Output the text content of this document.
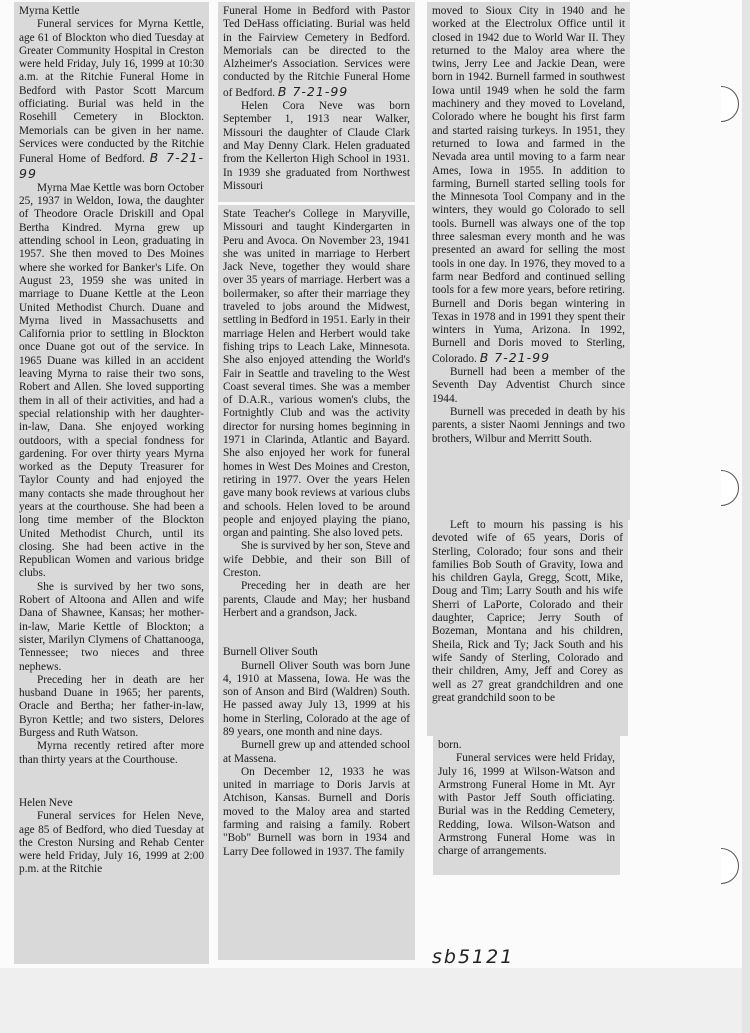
Myrna Kettle

Funeral services for Myrna Kettle, age 61 of Blockton who died Tuesday at Greater Community Hospital in Creston were held Friday, July 16, 1999 at 10:30 a.m. at the Ritchie Funeral Home in Bedford with Pastor Scott Marcum officiating. Burial was held in the Rosehill Cemetery in Blockton. Memorials can be given in her name. Services were conducted by the Ritchie Funeral Home of Bedford. B 7-21-99

Myrna Mae Kettle was born October 25, 1937 in Weldon, Iowa, the daughter of Theodore Oracle Driskill and Opal Bertha Kindred. Myrna grew up attending school in Leon, graduating in 1957. She then moved to Des Moines where she worked for Banker's Life. On August 23, 1959 she was united in marriage to Duane Kettle at the Leon United Methodist Church. Duane and Myrna lived in Massachusetts and California prior to settling in Blockton once Duane got out of the service. In 1965 Duane was killed in an accident leaving Myrna to raise their two sons, Robert and Allen. She loved supporting them in all of their activities, and had a special relationship with her daughter-in-law, Dana. She enjoyed working outdoors, with a special fondness for gardening. For over thirty years Myrna worked as the Deputy Treasurer for Taylor County and had enjoyed the many contacts she made throughout her years at the courthouse. She had been a long time member of the Blockton United Methodist Church, until its closing. She had been active in the Republican Women and various bridge clubs.

She is survived by her two sons, Robert of Altoona and Allen and wife Dana of Shawnee, Kansas; her mother-in-law, Marie Kettle of Blockton; a sister, Marilyn Clymens of Chattanooga, Tennessee; two nieces and three nephews.

Preceding her in death are her husband Duane in 1965; her parents, Oracle and Bertha; her father-in-law, Byron Kettle; and two sisters, Delores Burgess and Ruth Watson.

Myrna recently retired after more than thirty years at the Courthouse.

Helen Neve

Funeral services for Helen Neve, age 85 of Bedford, who died Tuesday at the Creston Nursing and Rehab Center were held Friday, July 16, 1999 at 2:00 p.m. at the Ritchie

Funeral Home in Bedford with Pastor Ted DeHass officiating. Burial was held in the Fairview Cemetery in Bedford. Memorials can be directed to the Alzheimer's Association. Services were conducted by the Ritchie Funeral Home of Bedford. B 7-21-99

Helen Cora Neve was born September 1, 1913 near Walker, Missouri the daughter of Claude Clark and May Denny Clark. Helen graduated from the Kellerton High School in 1931. In 1939 she graduated from Northwest Missouri

State Teacher's College in Maryville, Missouri and taught Kindergarten in Peru and Avoca. On November 23, 1941 she was united in marriage to Herbert Jack Neve, together they would share over 35 years of marriage. Herbert was a boilermaker, so after their marriage they traveled to jobs around the Midwest, settling in Bedford in 1951. Early in their marriage Helen and Herbert would take fishing trips to Leach Lake, Minnesota. She also enjoyed attending the World's Fair in Seattle and traveling to the West Coast several times. She was a member of D.A.R., various women's clubs, the Fortnightly Club and was the activity director for nursing homes beginning in 1971 in Clarinda, Atlantic and Bayard. She also enjoyed her work for funeral homes in West Des Moines and Creston, retiring in 1977. Over the years Helen gave many book reviews at various clubs and schools. Helen loved to be around people and enjoyed playing the piano, organ and painting. She also loved pets.

She is survived by her son, Steve and wife Debbie, and their son Bill of Creston.

Preceding her in death are her parents, Claude and May; her husband Herbert and a grandson, Jack.

Burnell Oliver South

Burnell Oliver South was born June 4, 1910 at Massena, Iowa. He was the son of Anson and Bird (Waldren) South. He passed away July 13, 1999 at his home in Sterling, Colorado at the age of 89 years, one month and nine days.

Burnell grew up and attended school at Massena.

On December 12, 1933 he was united in marriage to Doris Jarvis at Atchison, Kansas. Burnell and Doris moved to the Maloy area and started farming and raising a family. Robert "Bob" Burnell was born in 1934 and Larry Dee followed in 1937. The family

moved to Sioux City in 1940 and he worked at the Electrolux Office until it closed in 1942 due to World War II. They returned to the Maloy area where the twins, Jerry Lee and Jackie Dean, were born in 1942. Burnell farmed in southwest Iowa until 1949 when he sold the farm machinery and they moved to Loveland, Colorado where he bought his first farm and started raising turkeys. In 1951, they returned to Iowa and farmed in the Nevada area until moving to a farm near Ames, Iowa in 1955. In addition to farming, Burnell started selling tools for the Minnesota Tool Company and in the winters, they would go Colorado to sell tools. Burnell was always one of the top three salesman every month and he was presented an award for selling the most tools in one day. In 1976, they moved to a farm near Bedford and continued selling tools for a few more years, before retiring. Burnell and Doris began wintering in Texas in 1978 and in 1991 they spent their winters in Yuma, Arizona. In 1992, Burnell and Doris moved to Sterling, Colorado. B 7-21-99

Burnell had been a member of the Seventh Day Adventist Church since 1944.

Burnell was preceded in death by his parents, a sister Naomi Jennings and two brothers, Wilbur and Merritt South.

Left to mourn his passing is his devoted wife of 65 years, Doris of Sterling, Colorado; four sons and their families Bob South of Gravity, Iowa and his children Gayla, Gregg, Scott, Mike, Doug and Tim; Larry South and his wife Sherri of LaPorte, Colorado and their daughter, Caprice; Jerry South of Bozeman, Montana and his children, Sheila, Rick and Ty; Jack South and his wife Sandy of Sterling, Colorado and their children, Amy, Jeff and Corey as well as 27 great grandchildren and one great grandchild soon to be

born.

Funeral services were held Friday, July 16, 1999 at Wilson-Watson and Armstrong Funeral Home in Mt. Ayr with Pastor Jeff South officiating. Burial was in the Redding Cemetery, Redding, Iowa. Wilson-Watson and Armstrong Funeral Home was in charge of arrangements.

sb5121
